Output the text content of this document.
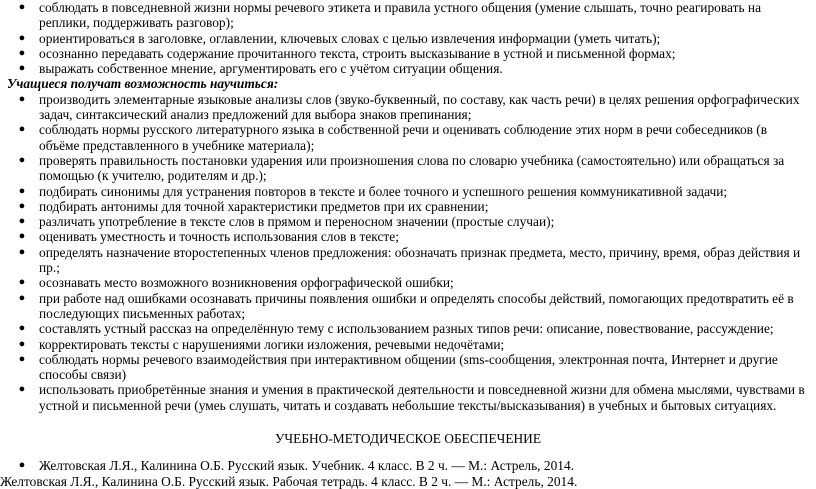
● соблюдать в повседневной жизни нормы речевого этикета и правила устного общения (умение слышать, точно реагировать на реплики, поддерживать разговор);
● ориентироваться в заголовке, оглавлении, ключевых словах с целью извлечения информации (уметь читать);
● осознанно передавать содержание прочитанного текста, строить высказывание в устной и письменной формах;
● выражать собственное мнение, аргументировать его с учётом ситуации общения.
Учащиеся получат возможность научиться:
● производить элементарные языковые анализы слов (звуко-буквенный, по составу, как часть речи) в целях решения орфографических задач, синтаксический анализ предложений для выбора знаков препинания;
● соблюдать нормы русского литературного языка в собственной речи и оценивать соблюдение этих норм в речи собеседников (в объёме представленного в учебнике материала);
● проверять правильность постановки ударения или произношения слова по словарю учебника (самостоятельно) или обращаться за помощью (к учителю, родителям и др.);
● подбирать синонимы для устранения повторов в тексте и более точного и успешного решения коммуникативной задачи;
● подбирать антонимы для точной характеристики предметов при их сравнении;
● различать употребление в тексте слов в прямом и переносном значении (простые случаи);
● оценивать уместность и точность использования слов в тексте;
● определять назначение второстепенных членов предложения: обозначать признак предмета, место, причину, время, образ действия и пр.;
● осознавать место возможного возникновения орфографической ошибки;
● при работе над ошибками осознавать причины появления ошибки и определять способы действий, помогающих предотвратить её в последующих письменных работах;
● составлять устный рассказ на определённую тему с использованием разных типов речи: описание, повествование, рассуждение;
● корректировать тексты с нарушениями логики изложения, речевыми недочётами;
● соблюдать нормы речевого взаимодействия при интерактивном общении (sms-сообщения, электронная почта, Интернет и другие способы связи)
● использовать приобретённые знания и умения в практической деятельности и повседневной жизни для обмена мыслями, чувствами в устной и письменной речи (умеь слушать, читать и создавать небольшие тексты/высказывания) в учебных и бытовых ситуациях.
УЧЕБНО-МЕТОДИЧЕСКОЕ ОБЕСПЕЧЕНИЕ
● Желтовская Л.Я., Калинина О.Б. Русский язык. Учебник. 4 класс. В 2 ч. — М.: Астрель, 2014.
Желтовская Л.Я., Калинина О.Б. Русский язык. Рабочая тетрадь. 4 класс. В 2 ч. — М.: Астрель, 2014.
